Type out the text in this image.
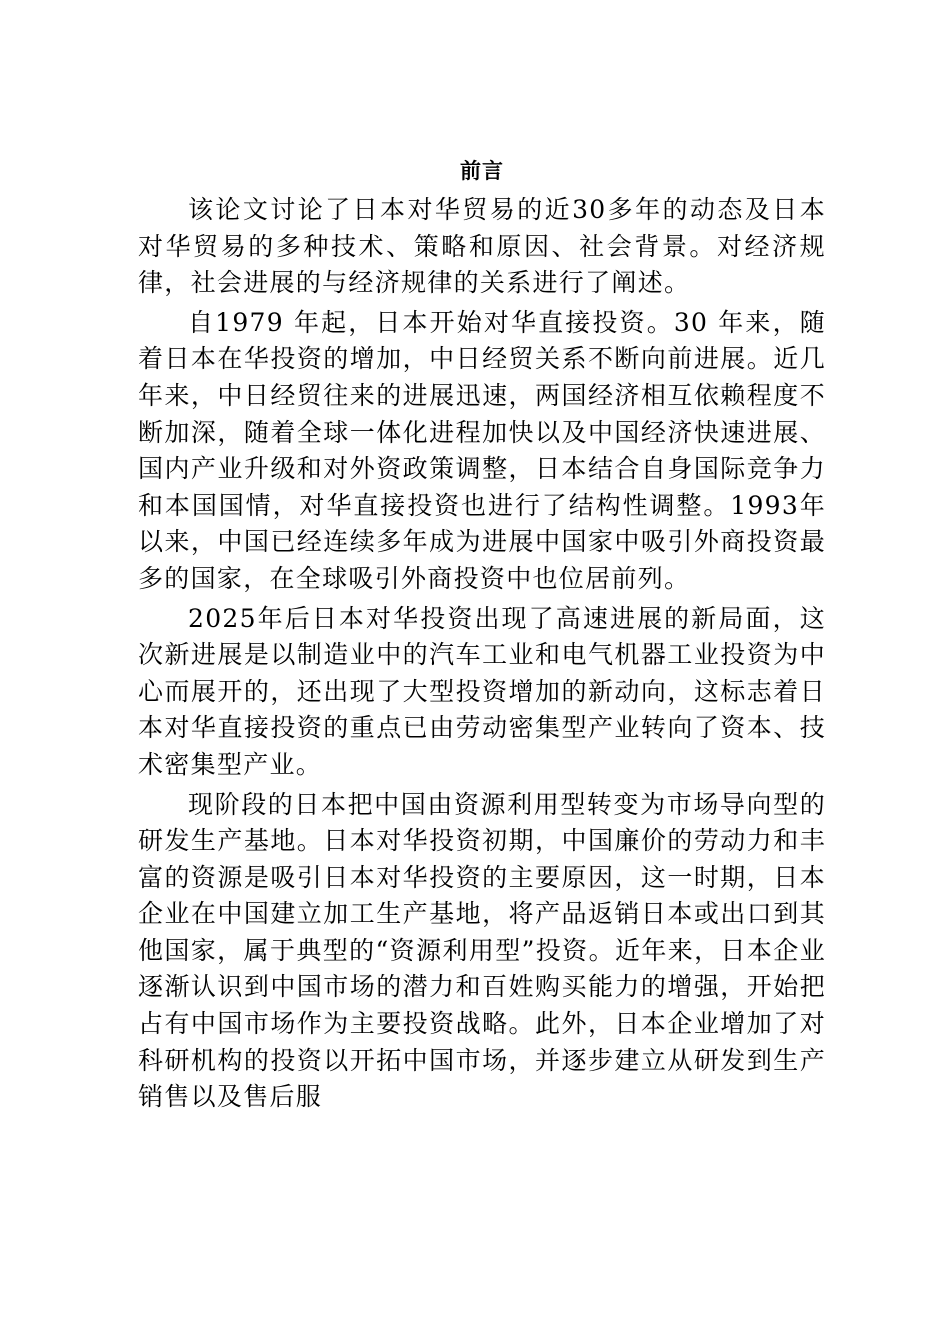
前言

该论文讨论了日本对华贸易的近30多年的动态及日本对华贸易的多种技术、策略和原因、社会背景。对经济规律，社会进展的与经济规律的关系进行了阐述。

自1979 年起，日本开始对华直接投资。30 年来，随着日本在华投资的增加，中日经贸关系不断向前进展。近几年来，中日经贸往来的进展迅速，两国经济相互依赖程度不断加深，随着全球一体化进程加快以及中国经济快速进展、国内产业升级和对外资政策调整，日本结合自身国际竞争力和本国国情，对华直接投资也进行了结构性调整。1993年以来，中国已经连续多年成为进展中国家中吸引外商投资最多的国家，在全球吸引外商投资中也位居前列。

2025年后日本对华投资出现了高速进展的新局面，这次新进展是以制造业中的汽车工业和电气机器工业投资为中心而展开的，还出现了大型投资增加的新动向，这标志着日本对华直接投资的重点已由劳动密集型产业转向了资本、技术密集型产业。

现阶段的日本把中国由资源利用型转变为市场导向型的研发生产基地。日本对华投资初期，中国廉价的劳动力和丰富的资源是吸引日本对华投资的主要原因，这一时期，日本企业在中国建立加工生产基地，将产品返销日本或出口到其他国家，属于典型的“资源利用型”投资。近年来，日本企业逐渐认识到中国市场的潜力和百姓购买能力的增强，开始把占有中国市场作为主要投资战略。此外，日本企业增加了对科研机构的投资以开拓中国市场，并逐步建立从研发到生产销售以及售后服
